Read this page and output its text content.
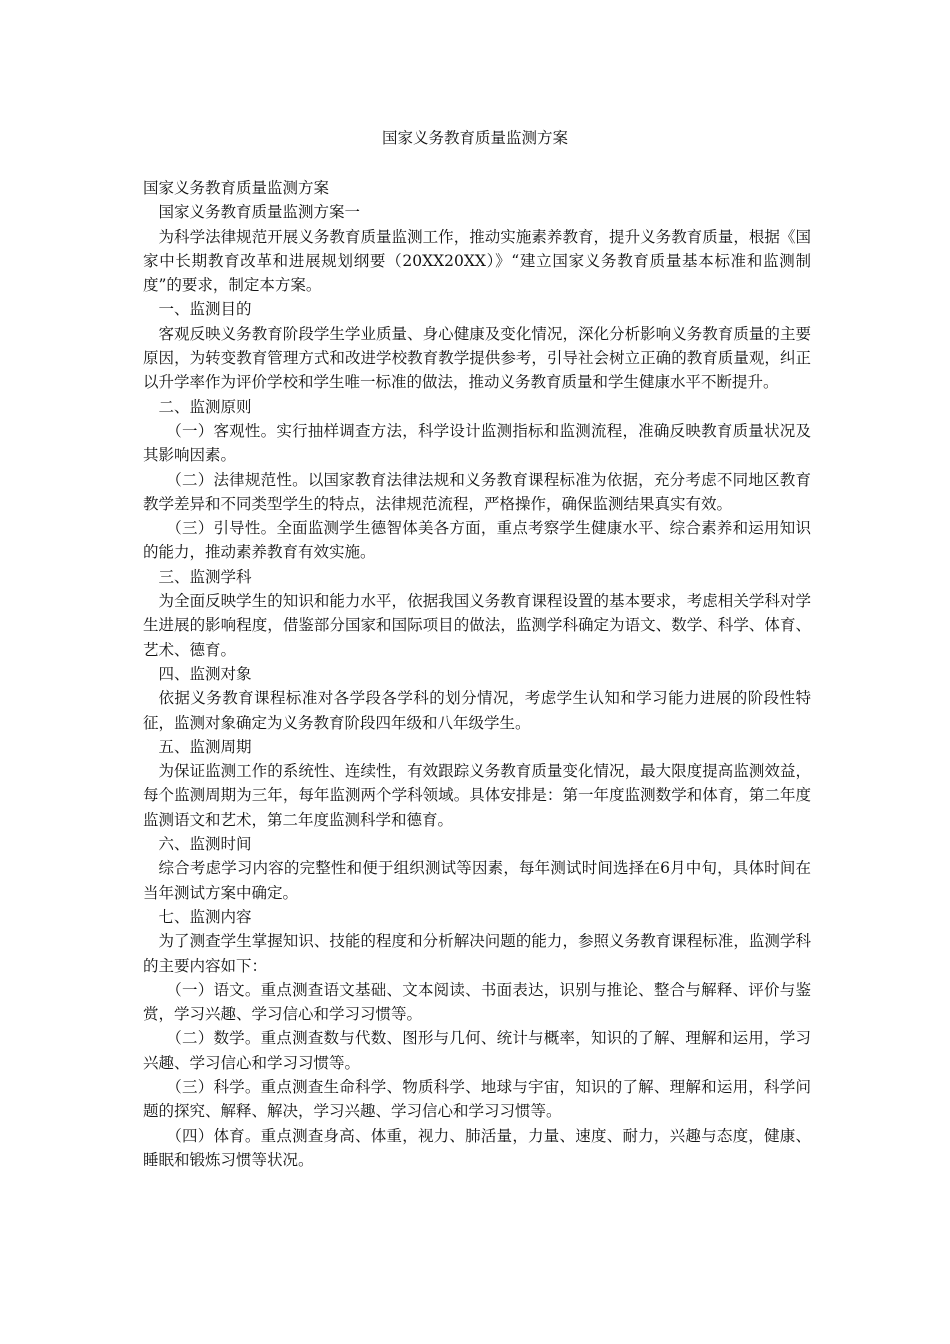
国家义务教育质量监测方案

国家义务教育质量监测方案

国家义务教育质量监测方案一

为科学法律规范开展义务教育质量监测工作，推动实施素养教育，提升义务教育质量，根据《国家中长期教育改革和进展规划纲要（20XX20XX）》“建立国家义务教育质量基本标准和监测制度”的要求，制定本方案。

一、监测目的

客观反映义务教育阶段学生学业质量、身心健康及变化情况，深化分析影响义务教育质量的主要原因，为转变教育管理方式和改进学校教育教学提供参考，引导社会树立正确的教育质量观，纠正以升学率作为评价学校和学生唯一标准的做法，推动义务教育质量和学生健康水平不断提升。

二、监测原则

（一）客观性。实行抽样调查方法，科学设计监测指标和监测流程，准确反映教育质量状况及其影响因素。

（二）法律规范性。以国家教育法律法规和义务教育课程标准为依据，充分考虑不同地区教育教学差异和不同类型学生的特点，法律规范流程，严格操作，确保监测结果真实有效。

（三）引导性。全面监测学生德智体美各方面，重点考察学生健康水平、综合素养和运用知识的能力，推动素养教育有效实施。

三、监测学科

为全面反映学生的知识和能力水平，依据我国义务教育课程设置的基本要求，考虑相关学科对学生进展的影响程度，借鉴部分国家和国际项目的做法，监测学科确定为语文、数学、科学、体育、艺术、德育。

四、监测对象

依据义务教育课程标准对各学段各学科的划分情况，考虑学生认知和学习能力进展的阶段性特征，监测对象确定为义务教育阶段四年级和八年级学生。

五、监测周期

为保证监测工作的系统性、连续性，有效跟踪义务教育质量变化情况，最大限度提高监测效益，每个监测周期为三年，每年监测两个学科领域。具体安排是：第一年度监测数学和体育，第二年度监测语文和艺术，第二年度监测科学和德育。

六、监测时间

综合考虑学习内容的完整性和便于组织测试等因素，每年测试时间选择在6月中旬，具体时间在当年测试方案中确定。

七、监测内容

为了测查学生掌握知识、技能的程度和分析解决问题的能力，参照义务教育课程标准，监测学科的主要内容如下：

（一）语文。重点测查语文基础、文本阅读、书面表达，识别与推论、整合与解释、评价与鉴赏，学习兴趣、学习信心和学习习惯等。

（二）数学。重点测查数与代数、图形与几何、统计与概率，知识的了解、理解和运用，学习兴趣、学习信心和学习习惯等。

（三）科学。重点测查生命科学、物质科学、地球与宇宙，知识的了解、理解和运用，科学问题的探究、解释、解决，学习兴趣、学习信心和学习习惯等。

（四）体育。重点测查身高、体重，视力、肺活量，力量、速度、耐力，兴趣与态度，健康、睡眠和锻炼习惯等状况。
